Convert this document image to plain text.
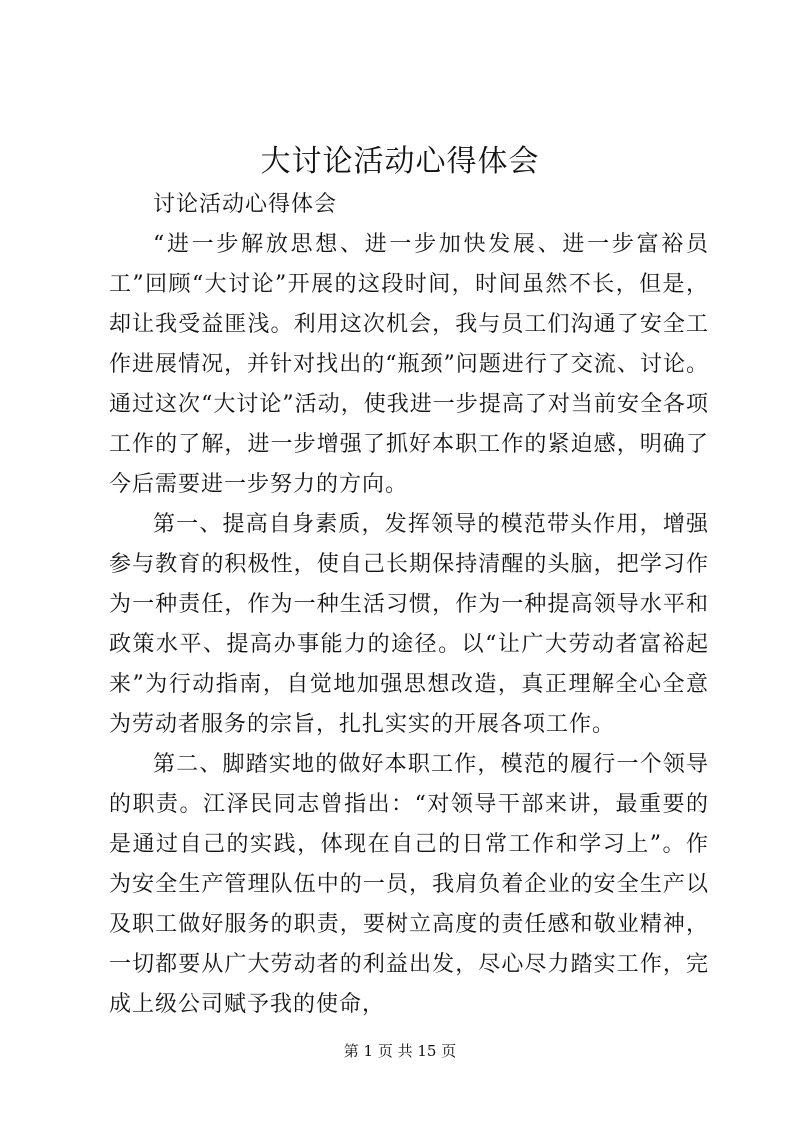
大讨论活动心得体会

讨论活动心得体会

“进一步解放思想、进一步加快发展、进一步富裕员工”回顾“大讨论”开展的这段时间，时间虽然不长，但是，却让我受益匪浅。利用这次机会，我与员工们沟通了安全工作进展情况，并针对找出的“瓶颈”问题进行了交流、讨论。通过这次“大讨论”活动，使我进一步提高了对当前安全各项工作的了解，进一步增强了抓好本职工作的紧迫感，明确了今后需要进一步努力的方向。

第一、提高自身素质，发挥领导的模范带头作用，增强参与教育的积极性，使自己长期保持清醒的头脑，把学习作为一种责任，作为一种生活习惯，作为一种提高领导水平和政策水平、提高办事能力的途径。以“让广大劳动者富裕起来”为行动指南，自觉地加强思想改造，真正理解全心全意为劳动者服务的宗旨，扎扎实实的开展各项工作。

第二、脚踏实地的做好本职工作，模范的履行一个领导的职责。江泽民同志曾指出：“对领导干部来讲，最重要的是通过自己的实践，体现在自己的日常工作和学习上”。作为安全生产管理队伍中的一员，我肩负着企业的安全生产以及职工做好服务的职责，要树立高度的责任感和敬业精神，一切都要从广大劳动者的利益出发，尽心尽力踏实工作，完成上级公司赋予我的使命，

第 1 页 共 15 页
